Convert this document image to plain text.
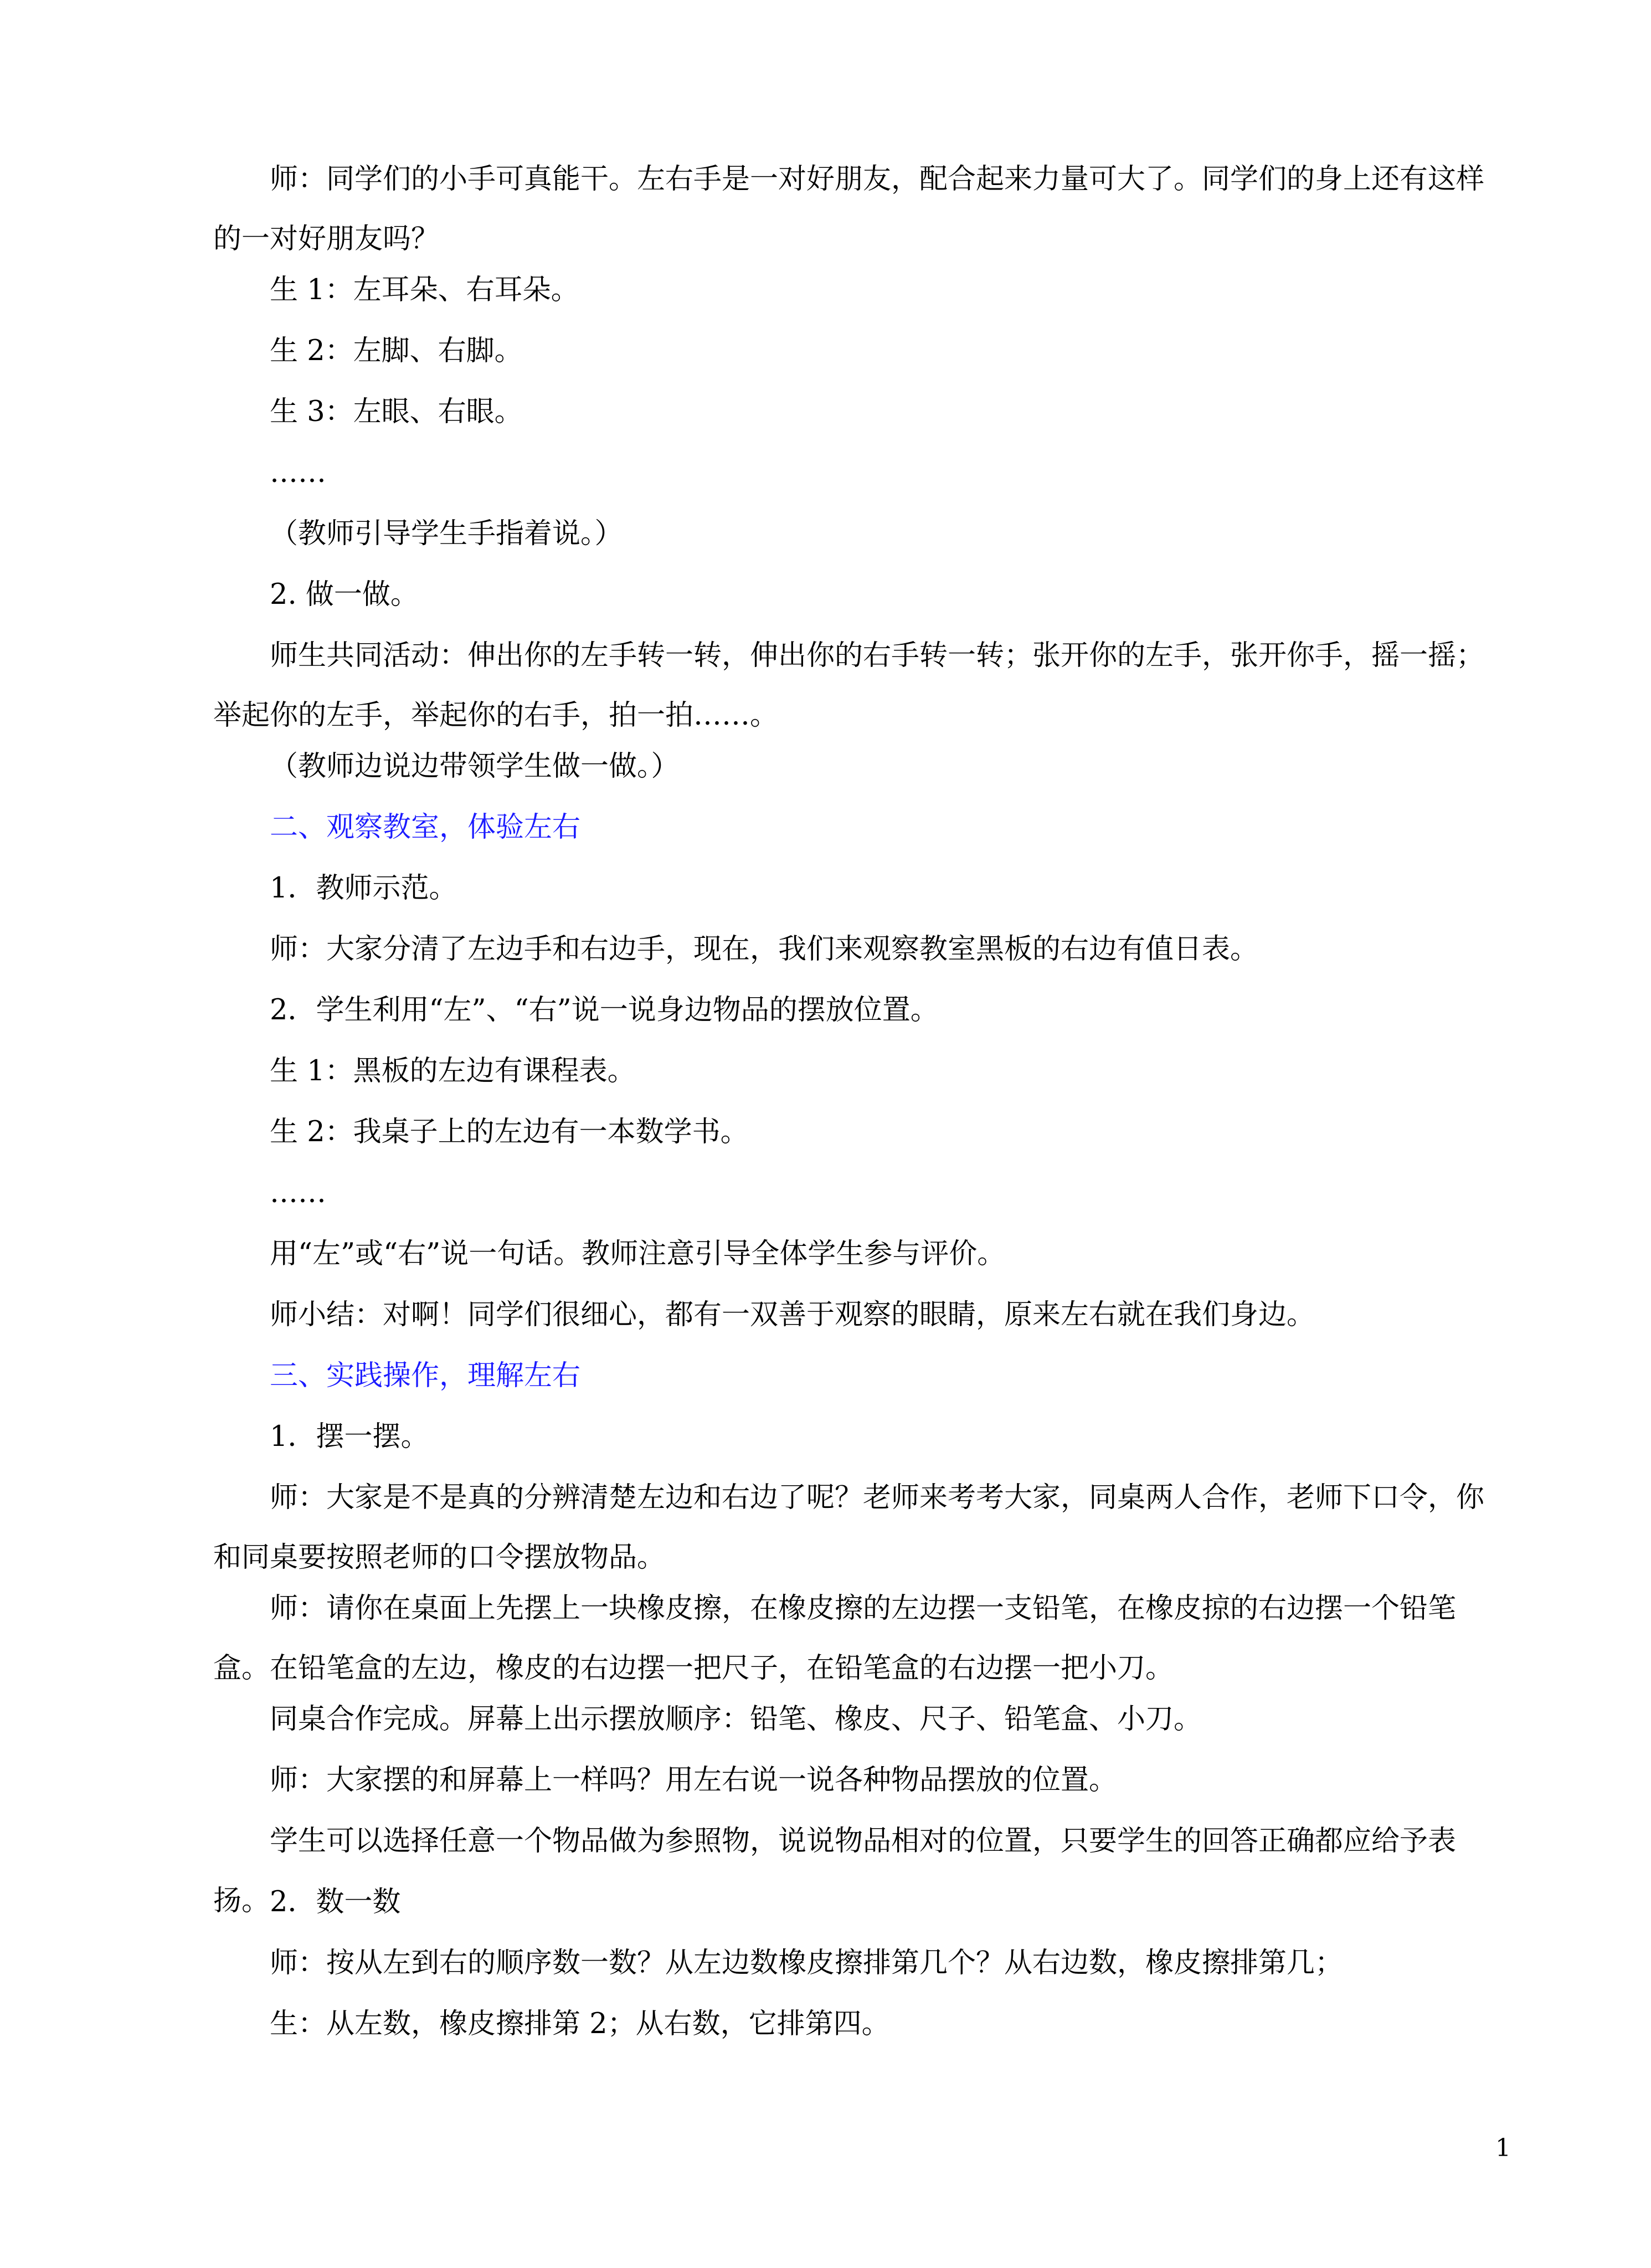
师：同学们的小手可真能干。左右手是一对好朋友，配合起来力量可大了。同学们的身上还有这样的一对好朋友吗？

生 1：左耳朵、右耳朵。

生 2：左脚、右脚。

生 3：左眼、右眼。

……

（教师引导学生手指着说。）

2. 做一做。

师生共同活动：伸出你的左手转一转，伸出你的右手转一转；张开你的左手，张开你手，摇一摇；举起你的左手，举起你的右手，拍一拍……。

（教师边说边带领学生做一做。）

二、观察教室，体验左右

1．教师示范。

师：大家分清了左边手和右边手，现在，我们来观察教室黑板的右边有值日表。

2．学生利用“左”、“右”说一说身边物品的摆放位置。

生 1：黑板的左边有课程表。

生 2：我桌子上的左边有一本数学书。

……

用“左”或“右”说一句话。教师注意引导全体学生参与评价。

师小结：对啊！同学们很细心，都有一双善于观察的眼睛，原来左右就在我们身边。

三、实践操作，理解左右

1．摆一摆。

师：大家是不是真的分辨清楚左边和右边了呢？老师来考考大家，同桌两人合作，老师下口令，你和同桌要按照老师的口令摆放物品。

师：请你在桌面上先摆上一块橡皮擦，在橡皮擦的左边摆一支铅笔，在橡皮掠的右边摆一个铅笔盒。在铅笔盒的左边，橡皮的右边摆一把尺子，在铅笔盒的右边摆一把小刀。

同桌合作完成。屏幕上出示摆放顺序：铅笔、橡皮、尺子、铅笔盒、小刀。

师：大家摆的和屏幕上一样吗？用左右说一说各种物品摆放的位置。

学生可以选择任意一个物品做为参照物，说说物品相对的位置，只要学生的回答正确都应给予表扬。 2．数一数

师：按从左到右的顺序数一数？从左边数橡皮擦排第几个？从右边数，橡皮擦排第几；

生：从左数，橡皮擦排第 2；从右数，它排第四。

1
